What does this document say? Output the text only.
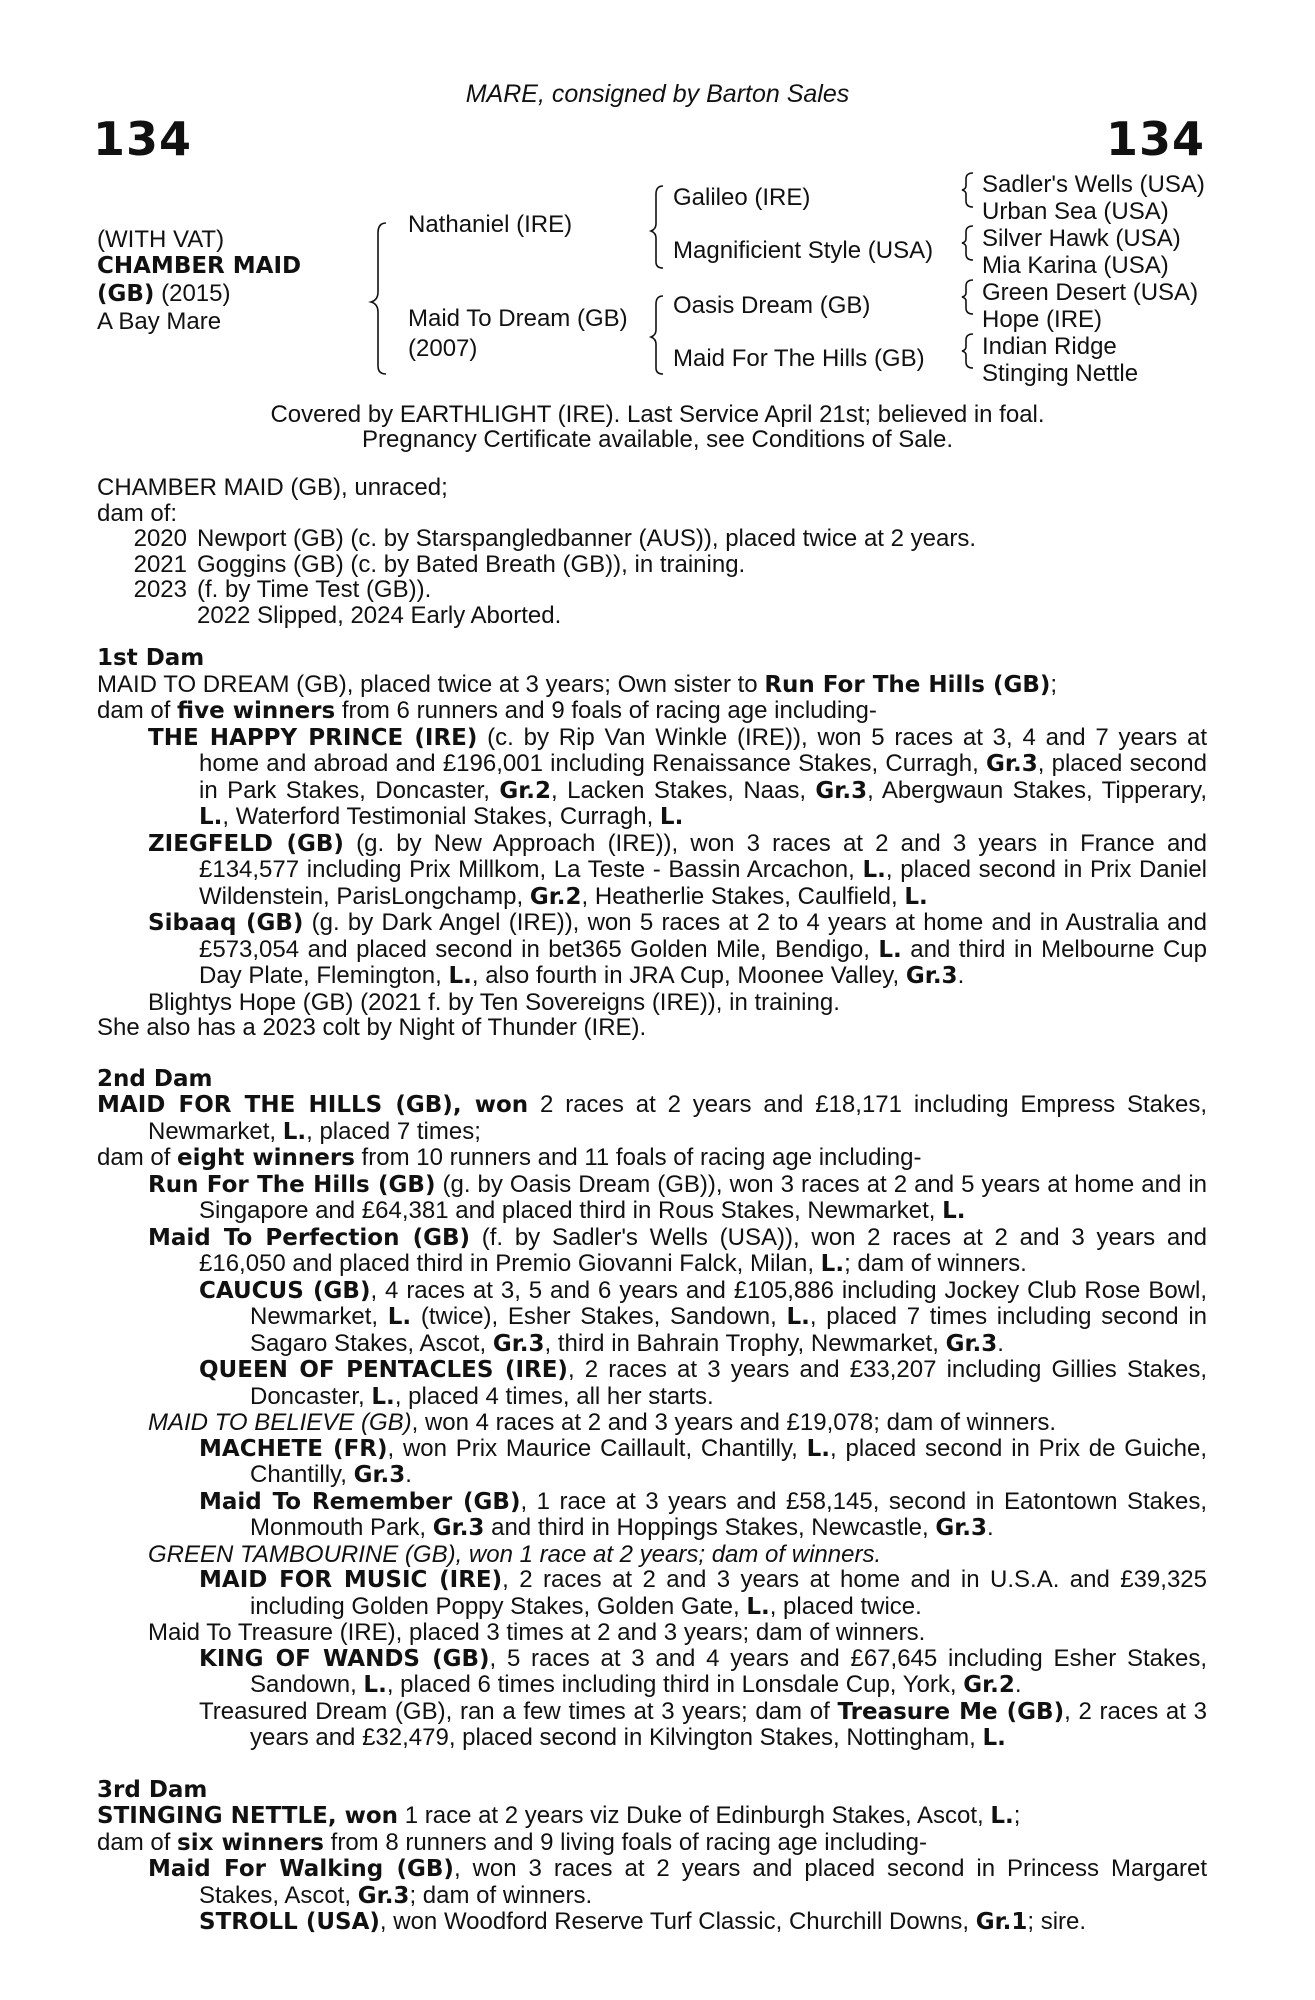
MARE, consigned by Barton Sales
134	134
(WITH VAT)
CHAMBER MAID
(GB) (2015)
A Bay Mare
Nathaniel (IRE)
Maid To Dream (GB)
(2007)
Galileo (IRE)
Magnificient Style (USA)
Oasis Dream (GB)
Maid For The Hills (GB)
Sadler's Wells (USA)
Urban Sea (USA)
Silver Hawk (USA)
Mia Karina (USA)
Green Desert (USA)
Hope (IRE)
Indian Ridge
Stinging Nettle
Covered by EARTHLIGHT (IRE). Last Service April 21st; believed in foal.
Pregnancy Certificate available, see Conditions of Sale.

CHAMBER MAID (GB), unraced;

dam of:

2020 Newport (GB) (c. by Starspangledbanner (AUS)), placed twice at 2 years.

2021 Goggins (GB) (c. by Bated Breath (GB)), in training.

2023 (f. by Time Test (GB)).

2022 Slipped, 2024 Early Aborted.

1st Dam

MAID TO DREAM (GB), placed twice at 3 years; Own sister to Run For The Hills (GB);

dam of five winners from 6 runners and 9 foals of racing age including-

THE HAPPY PRINCE (IRE) (c. by Rip Van Winkle (IRE)), won 5 races at 3, 4 and 7 years at home and abroad and £196,001 including Renaissance Stakes, Curragh, Gr.3, placed second in Park Stakes, Doncaster, Gr.2, Lacken Stakes, Naas, Gr.3, Abergwaun Stakes, Tipperary, L., Waterford Testimonial Stakes, Curragh, L.

ZIEGFELD (GB) (g. by New Approach (IRE)), won 3 races at 2 and 3 years in France and £134,577 including Prix Millkom, La Teste - Bassin Arcachon, L., placed second in Prix Daniel Wildenstein, ParisLongchamp, Gr.2, Heatherlie Stakes, Caulfield, L.

Sibaaq (GB) (g. by Dark Angel (IRE)), won 5 races at 2 to 4 years at home and in Australia and £573,054 and placed second in bet365 Golden Mile, Bendigo, L. and third in Melbourne Cup Day Plate, Flemington, L., also fourth in JRA Cup, Moonee Valley, Gr.3.

Blightys Hope (GB) (2021 f. by Ten Sovereigns (IRE)), in training.

She also has a 2023 colt by Night of Thunder (IRE).

2nd Dam

MAID FOR THE HILLS (GB), won 2 races at 2 years and £18,171 including Empress Stakes, Newmarket, L., placed 7 times;

dam of eight winners from 10 runners and 11 foals of racing age including-

Run For The Hills (GB) (g. by Oasis Dream (GB)), won 3 races at 2 and 5 years at home and in Singapore and £64,381 and placed third in Rous Stakes, Newmarket, L.

Maid To Perfection (GB) (f. by Sadler's Wells (USA)), won 2 races at 2 and 3 years and £16,050 and placed third in Premio Giovanni Falck, Milan, L.; dam of winners.

CAUCUS (GB), 4 races at 3, 5 and 6 years and £105,886 including Jockey Club Rose Bowl, Newmarket, L. (twice), Esher Stakes, Sandown, L., placed 7 times including second in Sagaro Stakes, Ascot, Gr.3, third in Bahrain Trophy, Newmarket, Gr.3.

QUEEN OF PENTACLES (IRE), 2 races at 3 years and £33,207 including Gillies Stakes, Doncaster, L., placed 4 times, all her starts.

MAID TO BELIEVE (GB), won 4 races at 2 and 3 years and £19,078; dam of winners.

MACHETE (FR), won Prix Maurice Caillault, Chantilly, L., placed second in Prix de Guiche, Chantilly, Gr.3.

Maid To Remember (GB), 1 race at 3 years and £58,145, second in Eatontown Stakes, Monmouth Park, Gr.3 and third in Hoppings Stakes, Newcastle, Gr.3.

GREEN TAMBOURINE (GB), won 1 race at 2 years; dam of winners.

MAID FOR MUSIC (IRE), 2 races at 2 and 3 years at home and in U.S.A. and £39,325 including Golden Poppy Stakes, Golden Gate, L., placed twice.

Maid To Treasure (IRE), placed 3 times at 2 and 3 years; dam of winners.

KING OF WANDS (GB), 5 races at 3 and 4 years and £67,645 including Esher Stakes, Sandown, L., placed 6 times including third in Lonsdale Cup, York, Gr.2.

Treasured Dream (GB), ran a few times at 3 years; dam of Treasure Me (GB), 2 races at 3 years and £32,479, placed second in Kilvington Stakes, Nottingham, L.

3rd Dam

STINGING NETTLE, won 1 race at 2 years viz Duke of Edinburgh Stakes, Ascot, L.;

dam of six winners from 8 runners and 9 living foals of racing age including-

Maid For Walking (GB), won 3 races at 2 years and placed second in Princess Margaret Stakes, Ascot, Gr.3; dam of winners.

STROLL (USA), won Woodford Reserve Turf Classic, Churchill Downs, Gr.1; sire.
